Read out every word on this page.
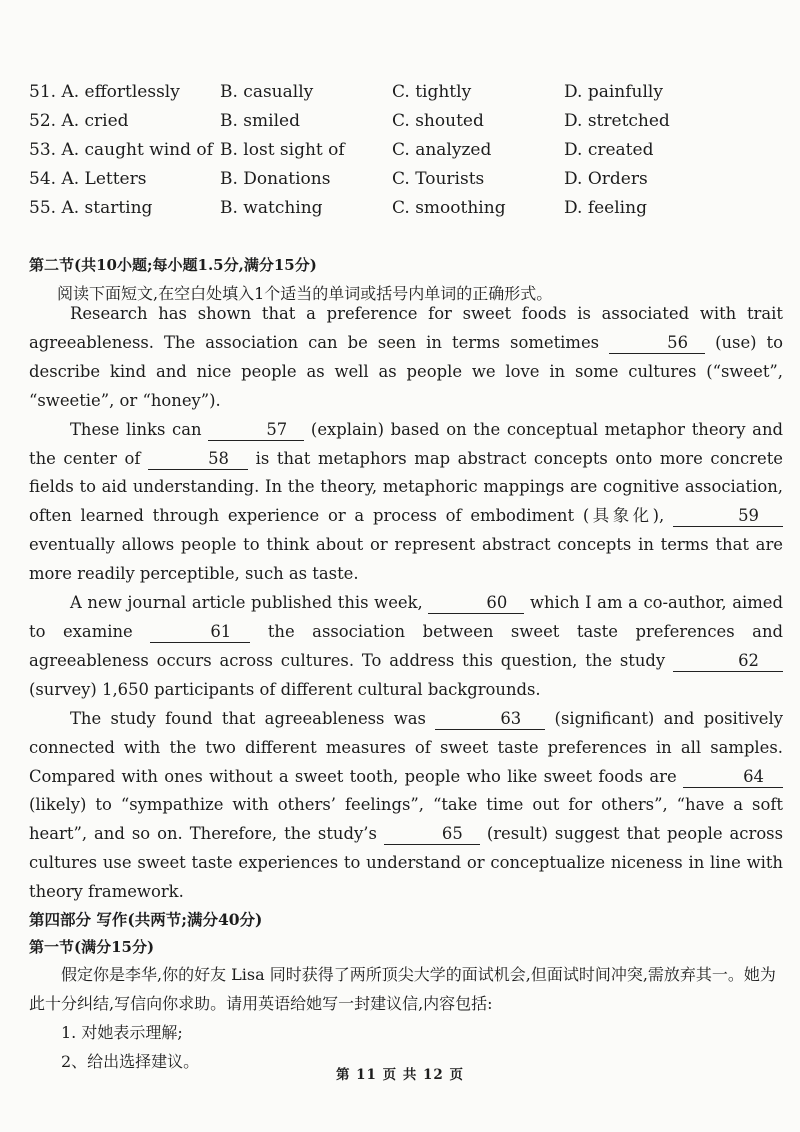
51. A. effortlessly B. casually	C. tightly	D. painfully
52. A. cried	B. smiled	C. shouted	D. stretched
53. A. caught wind of B. lost sight of	C. analyzed	D. created
54. A. Letters	B. Donations	C. Tourists	D. Orders
55. A. starting	B. watching	C. smoothing	D. feeling
第二节(共10小题;每小题1.5分,满分15分)
阅读下面短文,在空白处填入1个适当的单词或括号内单词的正确形式。

Research has shown that a preference for sweet foods is associated with trait agreeableness. The association can be seen in terms sometimes	56 (use) to describe kind and nice people as well as people we love in some cultures (“sweet”, “sweetie”, or “honey”).

These links can	57 (explain) based on the conceptual metaphor theory and the center of	58 is that metaphors map abstract concepts onto more concrete fields to aid understanding. In the theory, metaphoric mappings are cognitive association, often learned through experience or a process of embodiment (具象化),	59 eventually allows people to think about or represent abstract concepts in terms that are more readily perceptible, such as taste.

A new journal article published this week,	60 which I am a co-author, aimed to examine	61 the association between sweet taste preferences and agreeableness occurs across cultures. To address this question, the study	62 (survey) 1,650 participants of different cultural backgrounds.

The study found that agreeableness was	63 (significant) and positively connected with the two different measures of sweet taste preferences in all samples. Compared with ones without a sweet tooth, people who like sweet foods are	64 (likely) to “sympathize with others’ feelings”, “take time out for others”, “have a soft heart”, and so on. Therefore, the study’s	65 (result) suggest that people across cultures use sweet taste experiences to understand or conceptualize niceness in line with theory framework.

第四部分 写作(共两节;满分40分)
第一节(满分15分)
假定你是李华,你的好友 Lisa 同时获得了两所顶尖大学的面试机会,但面试时间冲突,需放弃其一。她为此十分纠结,写信向你求助。请用英语给她写一封建议信,内容包括:
1. 对她表示理解;
2、给出选择建议。
第 11 页 共 12 页
